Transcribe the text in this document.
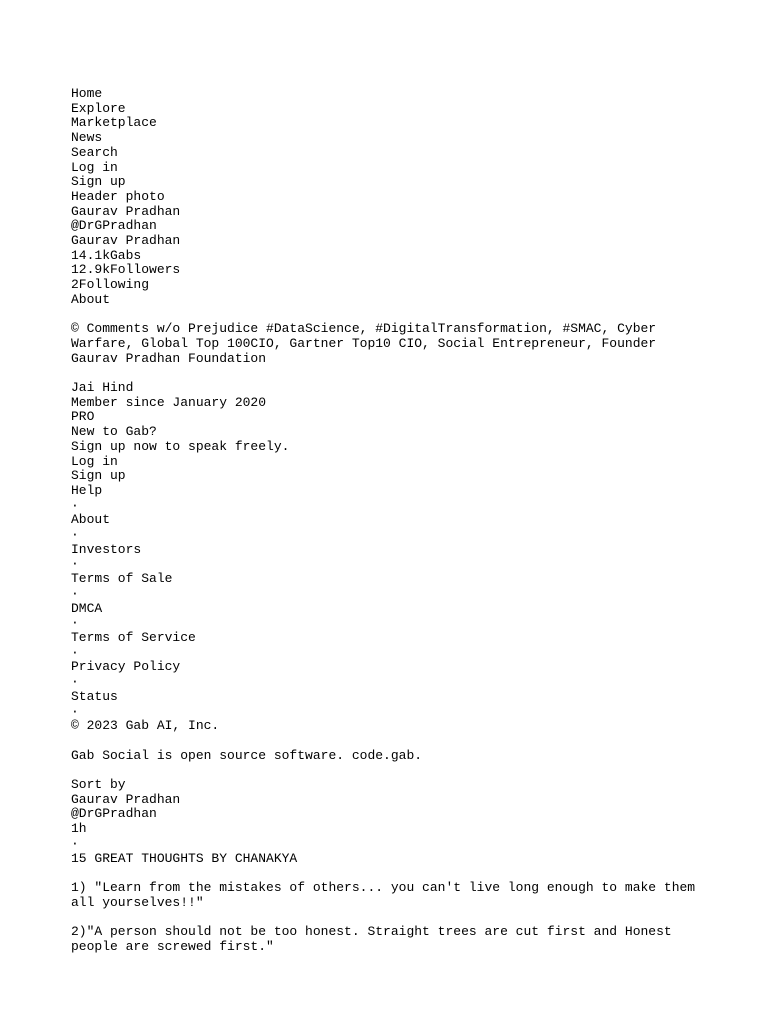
Home
Explore
Marketplace
News
Search
Log in
Sign up
Header photo
Gaurav Pradhan
@DrGPradhan
Gaurav Pradhan
14.1kGabs
12.9kFollowers
2Following
About
© Comments w/o Prejudice #DataScience, #DigitalTransformation, #SMAC, Cyber Warfare, Global Top 100CIO, Gartner Top10 CIO, Social Entrepreneur, Founder Gaurav Pradhan Foundation
Jai Hind
Member since January 2020
PRO
New to Gab?
Sign up now to speak freely.
Log in
Sign up
Help
·
About
·
Investors
·
Terms of Sale
·
DMCA
·
Terms of Service
·
Privacy Policy
·
Status
·
© 2023 Gab AI, Inc.
Gab Social is open source software. code.gab.
Sort by
Gaurav Pradhan
@DrGPradhan
1h
·
15 GREAT THOUGHTS BY CHANAKYA
1) "Learn from the mistakes of others... you can't live long enough to make them all yourselves!!"
2)"A person should not be too honest. Straight trees are cut first and Honest people are screwed first."
